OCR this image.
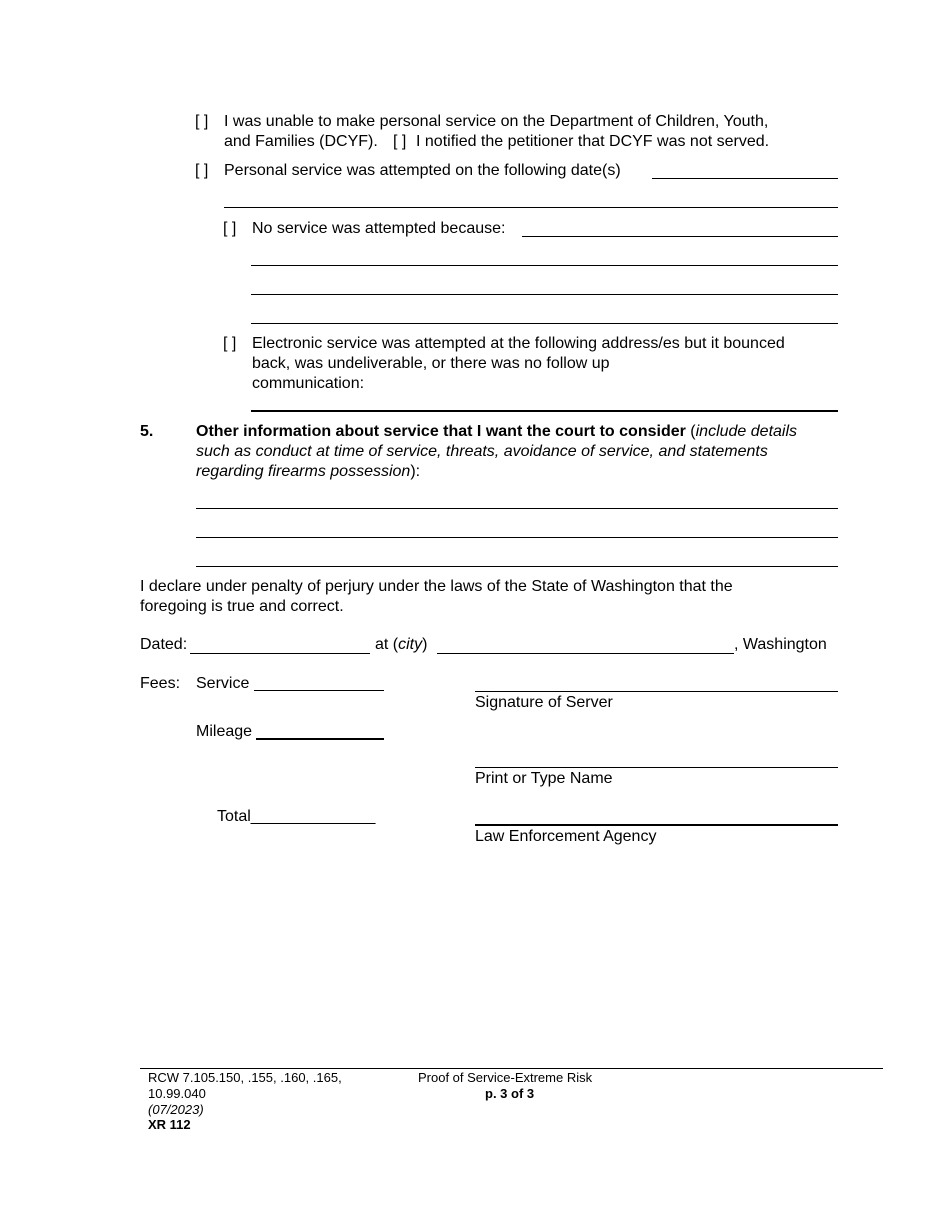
[ ] I was unable to make personal service on the Department of Children, Youth,
and Families (DCYF). [ ] I notified the petitioner that DCYF was not served.
[ ] Personal service was attempted on the following date(s)
[ ] No service was attempted because:
[ ] Electronic service was attempted at the following address/es but it bounced
back, was undeliverable, or there was no follow up
communication:
5.	Other information about service that I want the court to consider (include details
such as conduct at time of service, threats, avoidance of service, and statements
regarding firearms possession):
I declare under penalty of perjury under the laws of the State of Washington that the
foregoing is true and correct.
Dated:	at (city)	, Washington
Fees: Service
Mileage
Total______________
Signature of Server
Print or Type Name
Law Enforcement Agency
RCW 7.105.150, .155, .160, .165,
10.99.040
(07/2023)
XR 112
Proof of Service-Extreme Risk
p. 3 of 3
